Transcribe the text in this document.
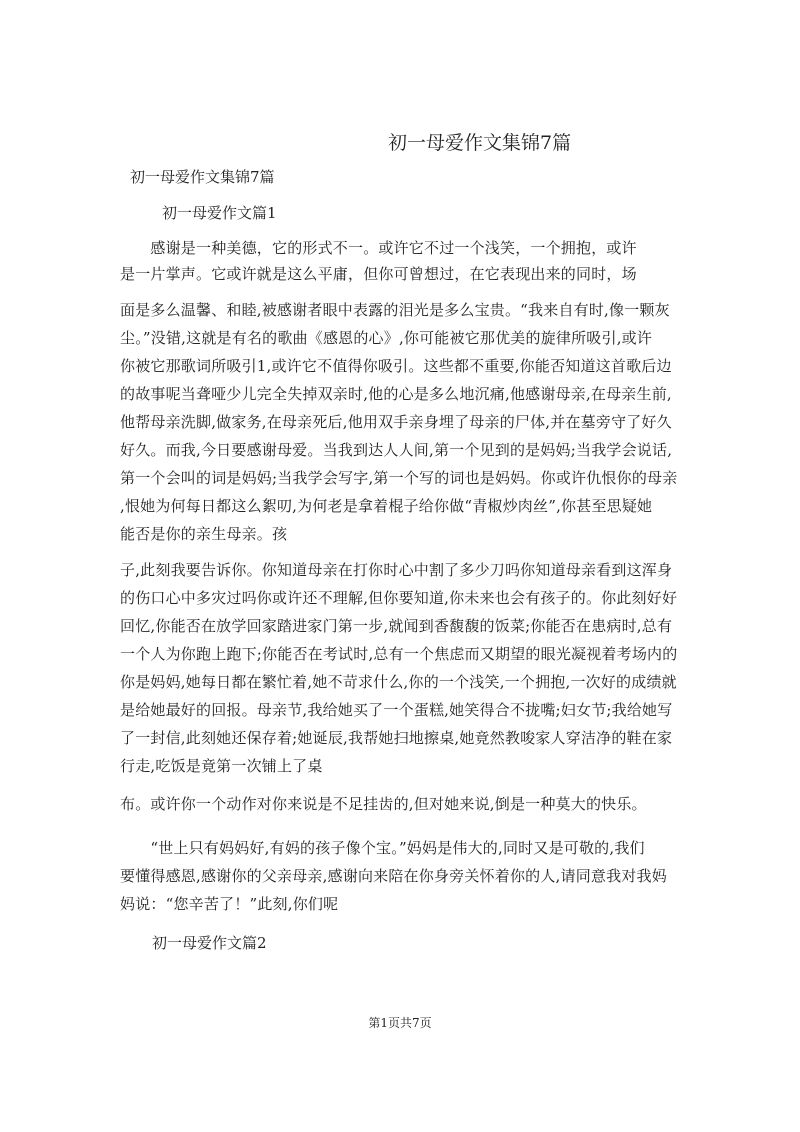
初一母爱作文集锦7篇

初一母爱作文集锦7篇

初一母爱作文篇1

　　感谢是一种美德，它的形式不一。或许它不过一个浅笑，一个拥抱，或许

是一片掌声。它或许就是这么平庸，但你可曾想过，在它表现出来的同时，场

面是多么温馨、和睦,被感谢者眼中表露的泪光是多么宝贵。“我来自有时,像一颗灰

尘。”没错,这就是有名的歌曲《感恩的心》,你可能被它那优美的旋律所吸引,或许

你被它那歌词所吸引1,或许它不值得你吸引。这些都不重要,你能否知道这首歌后边

的故事呢当聋哑少儿完全失掉双亲时,他的心是多么地沉痛,他感谢母亲,在母亲生前,

他帮母亲洗脚,做家务,在母亲死后,他用双手亲身埋了母亲的尸体,并在墓旁守了好久

好久。而我,今日要感谢母爱。当我到达人人间,第一个见到的是妈妈;当我学会说话,

第一个会叫的词是妈妈;当我学会写字,第一个写的词也是妈妈。你或许仇恨你的母亲

,恨她为何每日都这么絮叨,为何老是拿着棍子给你做“青椒炒肉丝”,你甚至思疑她

能否是你的亲生母亲。孩

子,此刻我要告诉你。你知道母亲在打你时心中割了多少刀吗你知道母亲看到这浑身

的伤口心中多灾过吗你或许还不理解,但你要知道,你未来也会有孩子的。你此刻好好

回忆,你能否在放学回家踏进家门第一步,就闻到香馥馥的饭菜;你能否在患病时,总有

一个人为你跑上跑下;你能否在考试时,总有一个焦虑而又期望的眼光凝视着考场内的

你是妈妈,她每日都在繁忙着,她不苛求什么,你的一个浅笑,一个拥抱,一次好的成绩就

是给她最好的回报。母亲节,我给她买了一个蛋糕,她笑得合不拢嘴;妇女节;我给她写

了一封信,此刻她还保存着;她诞辰,我帮她扫地擦桌,她竟然教唆家人穿洁净的鞋在家

行走,吃饭是竟第一次铺上了桌

布。或许你一个动作对你来说是不足挂齿的,但对她来说,倒是一种莫大的快乐。

　　“世上只有妈妈好,有妈的孩子像个宝。”妈妈是伟大的,同时又是可敬的,我们

要懂得感恩,感谢你的父亲母亲,感谢向来陪在你身旁关怀着你的人,请同意我对我妈

妈说：“您辛苦了！”此刻,你们呢

初一母爱作文篇2

第1页共7页
